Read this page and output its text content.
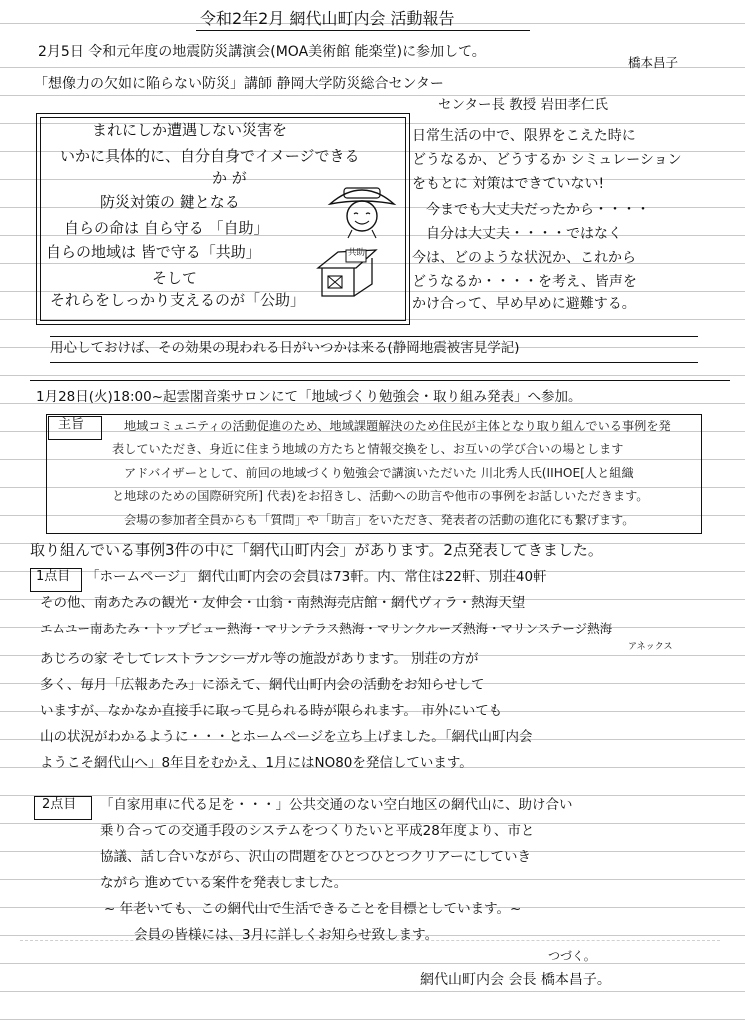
令和2年2月 網代山町内会 活動報告
2月5日 令和元年度の地震防災講演会(MOA美術館 能楽堂)に参加して。
橋本昌子
「想像力の欠如に陥らない防災」講師 静岡大学防災総合センター
センター長 教授 岩田孝仁氏
まれにしか遭遇しない災害を
いかに具体的に、自分自身でイメージできる
か が
防災対策の 鍵となる
自らの命は 自ら守る 「自助」
自らの地域は 皆で守る「共助」
そして
それらをしっかり支えるのが「公助」
共助
日常生活の中で、限界をこえた時に
どうなるか、どうするか シミュレーション
をもとに 対策はできていない!
今までも大丈夫だったから・・・・
自分は大丈夫・・・・ではなく
今は、どのような状況か、これから
どうなるか・・・・を考え、皆声を
かけ合って、早め早めに避難する。
用心しておけば、その効果の現われる日がいつかは来る(静岡地震被害見学記)
1月28日(火)18:00~起雲閣音楽サロンにて「地域づくり勉強会・取り組み発表」へ参加。
主旨	地域コミュニティの活動促進のため、地域課題解決のため住民が主体となり取り組んでいる事例を発
表していただき、身近に住まう地域の方たちと情報交換をし、お互いの学び合いの場とします
アドバイザーとして、前回の地域づくり勉強会で講演いただいた 川北秀人氏(IIHOE[人と組織
と地球のための国際研究所] 代表)をお招きし、活動への助言や他市の事例をお話しいただきます。
会場の参加者全員からも「質問」や「助言」をいただき、発表者の活動の進化にも繋げます。
取り組んでいる事例3件の中に「網代山町内会」があります。2点発表してきました。
1点目 「ホームページ」 網代山町内会の会員は73軒。内、常住は22軒、別荘40軒
その他、南あたみの観光・友伸会・山翁・南熱海売店館・網代ヴィラ・熱海天望
エムユー南あたみ・トップビュー熱海・マリンテラス熱海・マリンクルーズ熱海・マリンステージ熱海
アネックス
あじろの家 そしてレストランシーガル等の施設があります。 別荘の方が
多く、毎月「広報あたみ」に添えて、網代山町内会の活動をお知らせして
いますが、なかなか直接手に取って見られる時が限られます。 市外にいても
山の状況がわかるように・・・とホームページを立ち上げました。「網代山町内会
ようこそ網代山へ」8年目をむかえ、1月にはNO80を発信しています。
2点目 「自家用車に代る足を・・・」公共交通のない空白地区の網代山に、助け合い
乗り合っての交通手段のシステムをつくりたいと平成28年度より、市と
協議、話し合いながら、沢山の問題をひとつひとつクリアーにしていき
ながら 進めている案件を発表しました。
~ 年老いても、この網代山で生活できることを目標としています。~
会員の皆様には、3月に詳しくお知らせ致します。
つづく。
網代山町内会 会長 橋本昌子。
